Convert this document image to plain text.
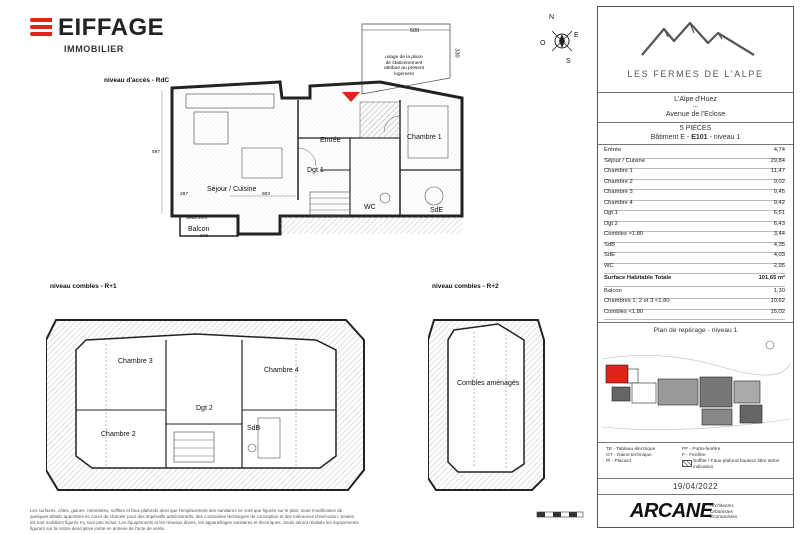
EIFFAGE
IMMOBILIER
niveau d'accès - RdC
niveau combles - R+1	niveau combles - R+2
N
E
S
O
usage de la place de stationnement attribué au présent logement
500
330
Entrée	Chambre 1
Dgt 1
Séjour / Cuisine
SdE
WC
Balcon
Seuil 2cm
903
287
597
246
Chambre 3
Chambre 4
Chambre 2
Dgt 2
SdB
Combles aménagés
Les surfaces, côtes, gaines, retombées, soffites et faux-plafonds ainsi que l'emplacement des sanitaires ne sont que figurés sur le plan; toute modification de quelques détails apportées en cours de chantier pour des impératifs administratifs, des contraintes techniques de conception et des tolérances d'exécution. Seules les tout mobiliers figurés n'y sont pas inclus. Les équipements et les réseaux divers, les appareillages sanitaires et électriques: Seuls seront réalisés les équipements figurant sur la notice descriptive jointe en annexe de l'acte de vente.
LES FERMES DE L'ALPE
L'Alpe d'Huez
---
Avenue de l'Eclose
5 PIECES
Bâtiment E - E101 - niveau 1
Entrée	4,74
Séjour / Cuisine	29,84
Chambre 1	11,47
Chambre 2	9,02
Chambre 3	9,45
Chambre 4	9,42
Dgt 1	6,51
Dgt 2	6,43
Combles >1.80	3,44
SdB	4,35
SdE	4,03
WC	2,95
Surface Habitable Totale	101,65 m²
Balcon	1,30
Chambres 1, 2 et 3 <1.80	10,62
Combles <1.80	15,02
Plan de repérage - niveau 1
TE - Tableau électrique
GT - Gaine technique
Pl - Placard
PF - Porte-fenêtre
F - Fenêtre
Soffite / Faux-plafond hauteur libre selon indication
19/04/2022
ARCANE
Architectes
Urbanistes
Économistes
